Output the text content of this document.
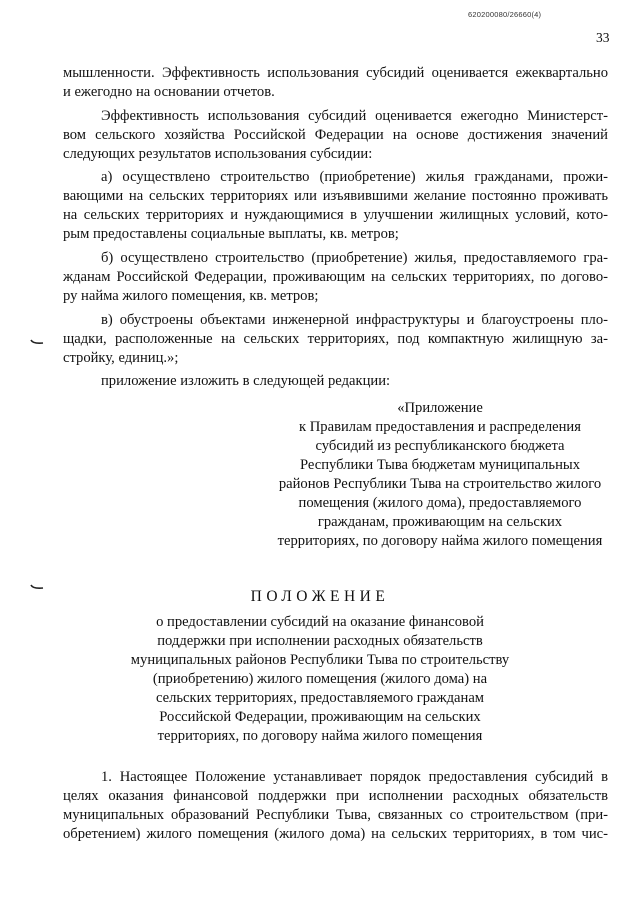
620200080/26660(4)
33
мышленности. Эффективность использования субсидий оценивается ежеквартально
и ежегодно на основании отчетов.
Эффективность использования субсидий оценивается ежегодно Министерст-
вом сельского хозяйства Российской Федерации на основе достижения значений
следующих результатов использования субсидии:
а) осуществлено строительство (приобретение) жилья гражданами, прожи-
вающими на сельских территориях или изъявившими желание постоянно проживать
на сельских территориях и нуждающимися в улучшении жилищных условий, кото-
рым предоставлены социальные выплаты, кв. метров;
б) осуществлено строительство (приобретение) жилья, предоставляемого гра-
жданам Российской Федерации, проживающим на сельских территориях, по догово-
ру найма жилого помещения, кв. метров;
в) обустроены объектами инженерной инфраструктуры и благоустроены пло-
щадки, расположенные на сельских территориях, под компактную жилищную за-
стройку, единиц.»;
приложение изложить в следующей редакции:
«Приложение
к Правилам предоставления и распределения
субсидий из республиканского бюджета
Республики Тыва бюджетам муниципальных
районов Республики Тыва на строительство жилого
помещения (жилого дома), предоставляемого
гражданам, проживающим на сельских
территориях, по договору найма жилого помещения
ПОЛОЖЕНИЕ
о предоставлении субсидий на оказание финансовой
поддержки при исполнении расходных обязательств
муниципальных районов Республики Тыва по строительству
(приобретению) жилого помещения (жилого дома) на
сельских территориях, предоставляемого гражданам
Российской Федерации, проживающим на сельских
территориях, по договору найма жилого помещения
1. Настоящее Положение устанавливает порядок предоставления субсидий в
целях оказания финансовой поддержки при исполнении расходных обязательств
муниципальных образований Республики Тыва, связанных со строительством (при-
обретением) жилого помещения (жилого дома) на сельских территориях, в том чис-
